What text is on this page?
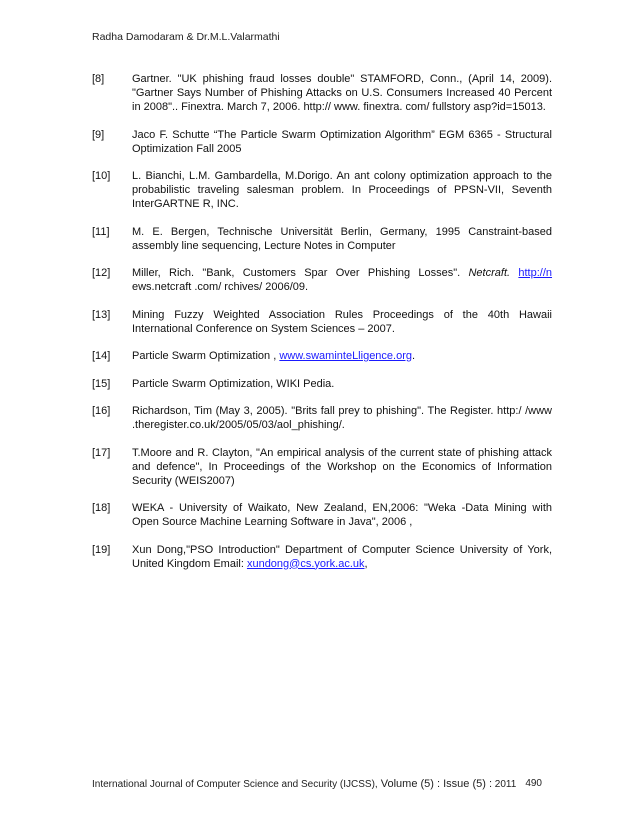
Radha Damodaram & Dr.M.L.Valarmathi
[8]	Gartner. "UK phishing fraud losses double" STAMFORD, Conn., (April 14, 2009). "Gartner Says Number of Phishing Attacks on U.S. Consumers Increased 40 Percent in 2008".. Finextra. March 7, 2006. http:// www. finextra. com/ fullstory asp?id=15013.
[9]	Jaco F. Schutte “The Particle Swarm Optimization Algorithm” EGM 6365 - Structural Optimization Fall 2005
[10]	L. Bianchi, L.M. Gambardella, M.Dorigo. An ant colony optimization approach to the probabilistic traveling salesman problem. In Proceedings of PPSN-VII, Seventh InterGARTNE R, INC.
[11]	M. E. Bergen, Technische Universität Berlin, Germany, 1995 Canstraint-based assembly line sequencing, Lecture Notes in Computer
[12]	Miller, Rich. "Bank, Customers Spar Over Phishing Losses". Netcraft. http://n ews.netcraft .com/ rchives/ 2006/09.
[13]	Mining Fuzzy Weighted Association Rules Proceedings of the 40th Hawaii International Conference on System Sciences – 2007.
[14]	Particle Swarm Optimization , www.swaminteLligence.org.
[15]	Particle Swarm Optimization, WIKI Pedia.
[16]	Richardson, Tim (May 3, 2005). "Brits fall prey to phishing". The Register. http:/ /www .theregister.co.uk/2005/05/03/aol_phishing/.
[17]	T.Moore and R. Clayton, "An empirical analysis of the current state of phishing attack and defence", In Proceedings of the Workshop on the Economics of Information Security (WEIS2007)
[18]	WEKA - University of Waikato, New Zealand, EN,2006: "Weka -Data Mining with Open Source Machine Learning Software in Java", 2006 ,
[19]	Xun Dong,"PSO Introduction" Department of Computer Science University of York, United Kingdom Email: xundong@cs.york.ac.uk,
International Journal of Computer Science and Security (IJCSS), Volume (5) : Issue (5) : 2011 490
